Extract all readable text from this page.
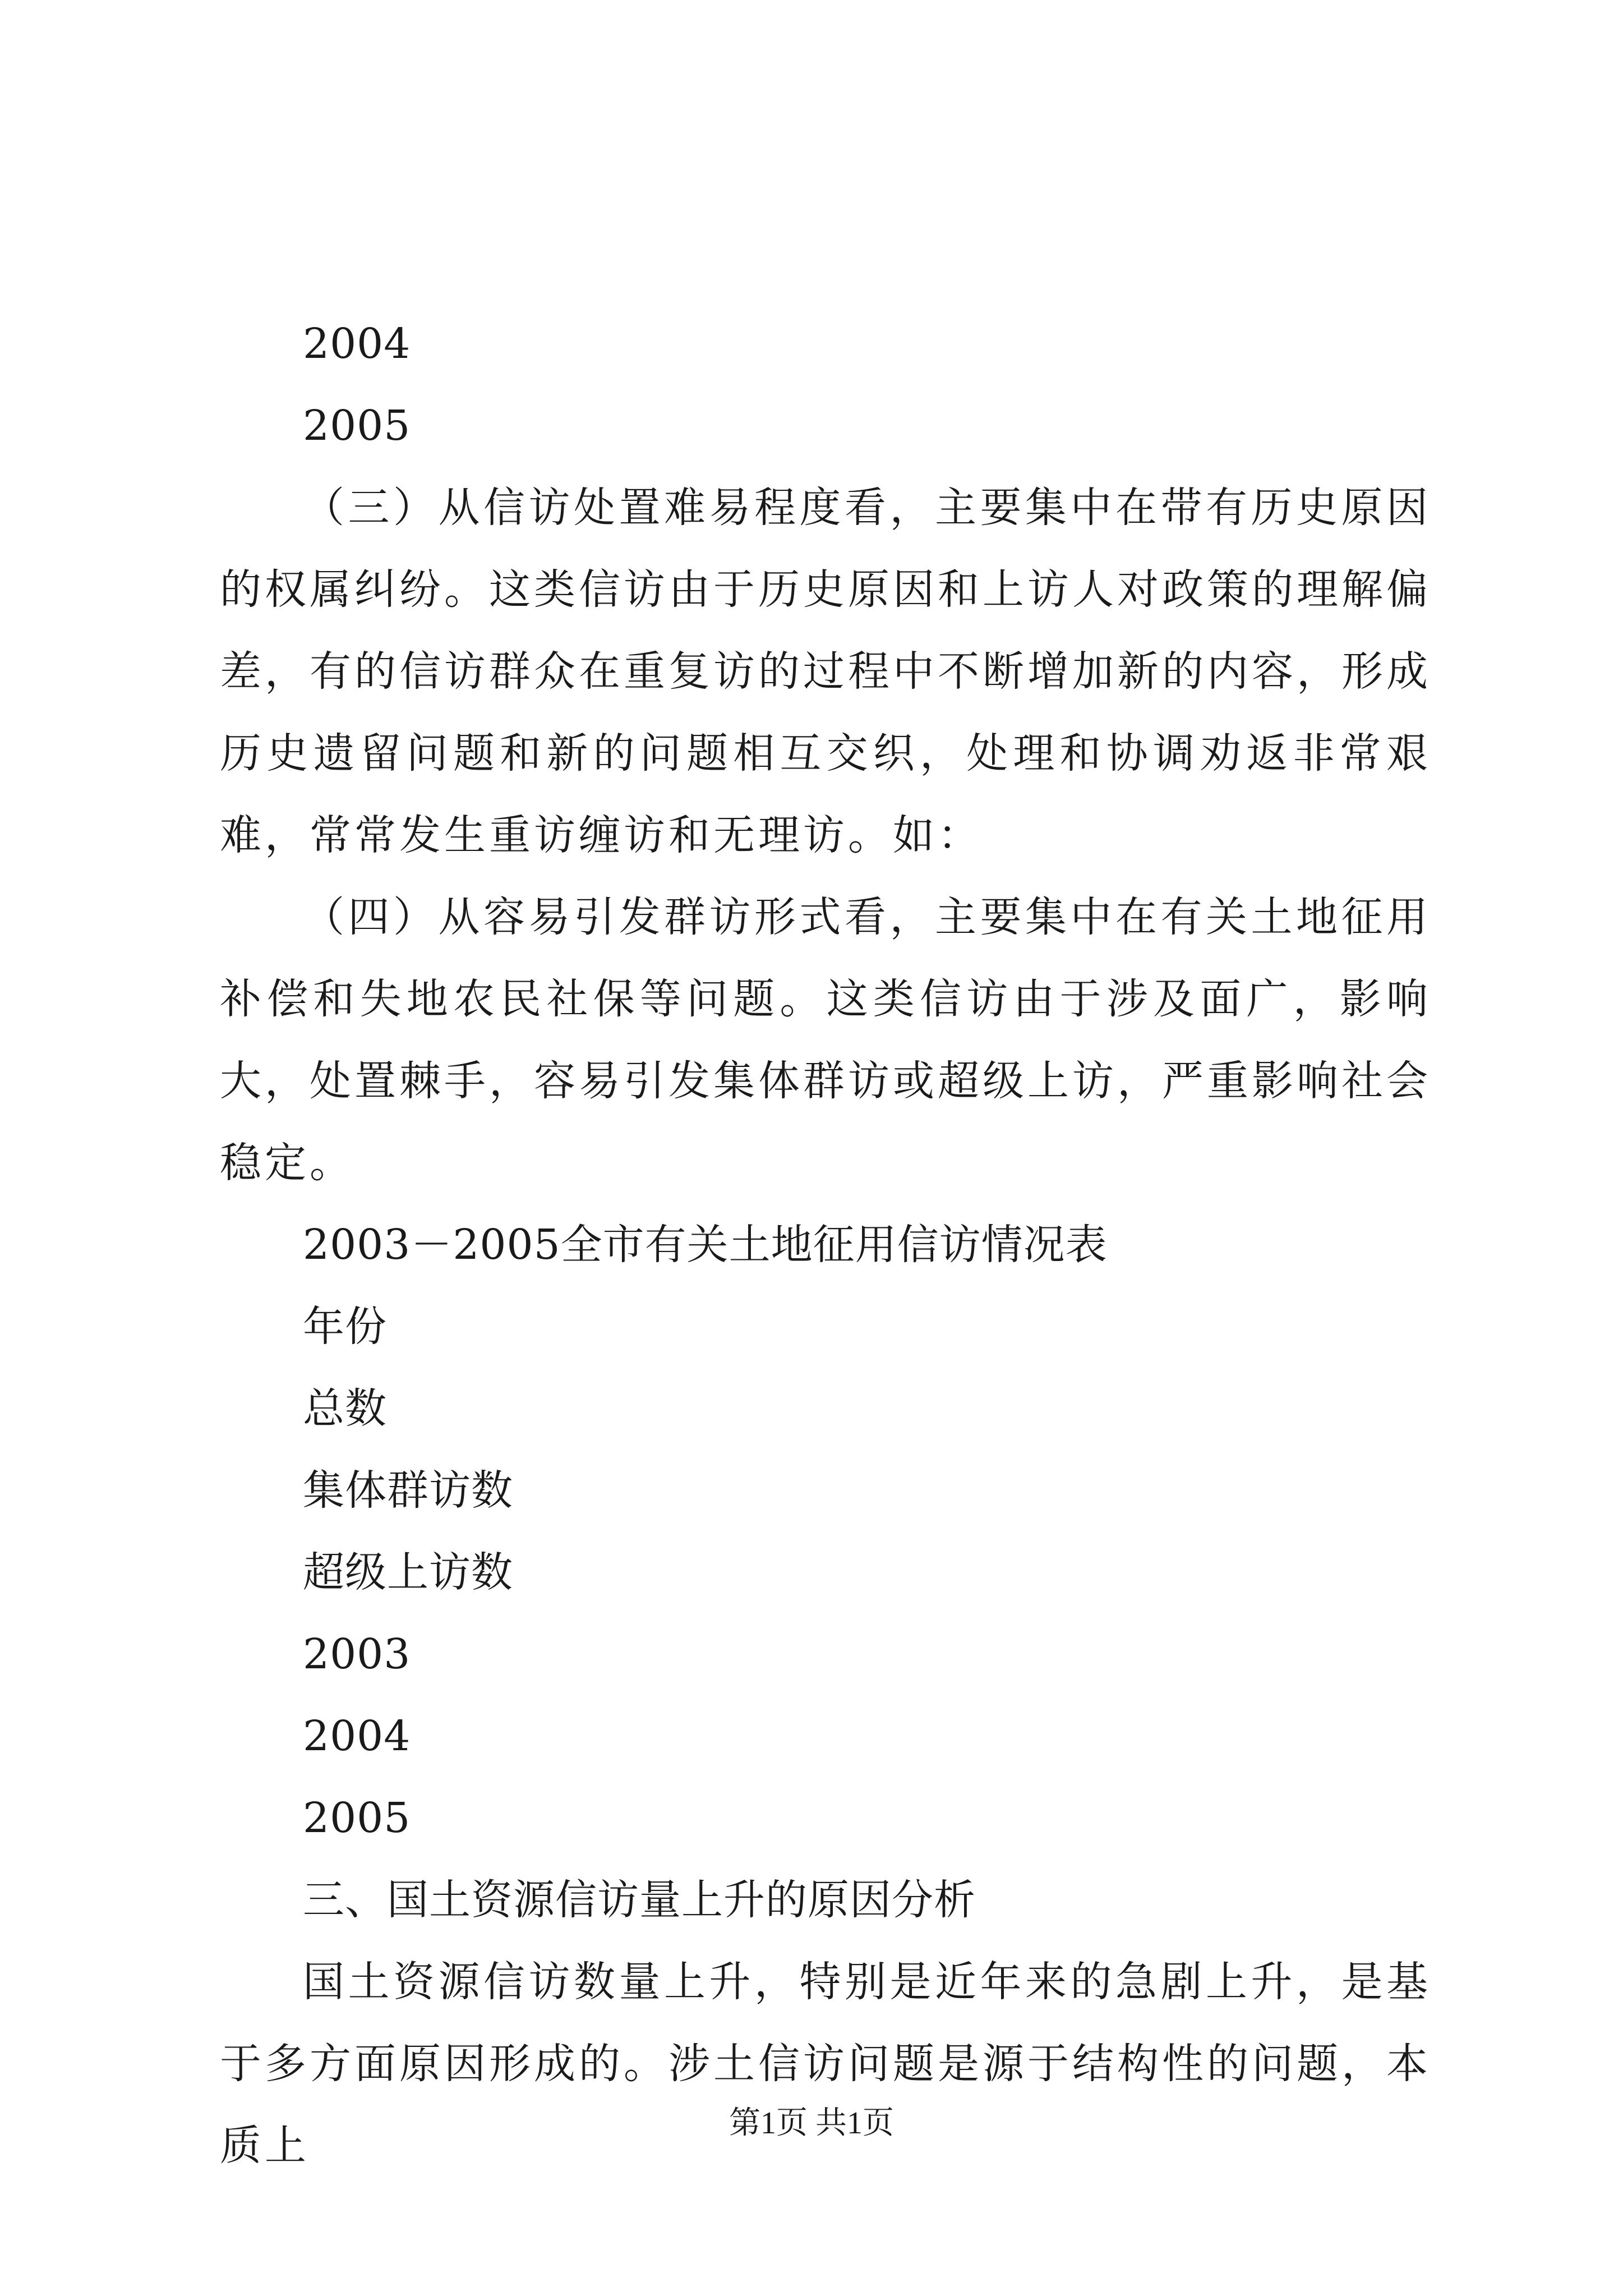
2004
2005
（三）从信访处置难易程度看，主要集中在带有历史原因的权属纠纷。这类信访由于历史原因和上访人对政策的理解偏差，有的信访群众在重复访的过程中不断增加新的内容，形成历史遗留问题和新的问题相互交织，处理和协调劝返非常艰难，常常发生重访缠访和无理访。如：
（四）从容易引发群访形式看，主要集中在有关土地征用补偿和失地农民社保等问题。这类信访由于涉及面广，影响大，处置棘手，容易引发集体群访或超级上访，严重影响社会稳定。
2003－2005全市有关土地征用信访情况表
年份
总数
集体群访数
超级上访数
2003
2004
2005
三、国土资源信访量上升的原因分析
国土资源信访数量上升，特别是近年来的急剧上升，是基于多方面原因形成的。涉土信访问题是源于结构性的问题，本质上	第1页 共1页
